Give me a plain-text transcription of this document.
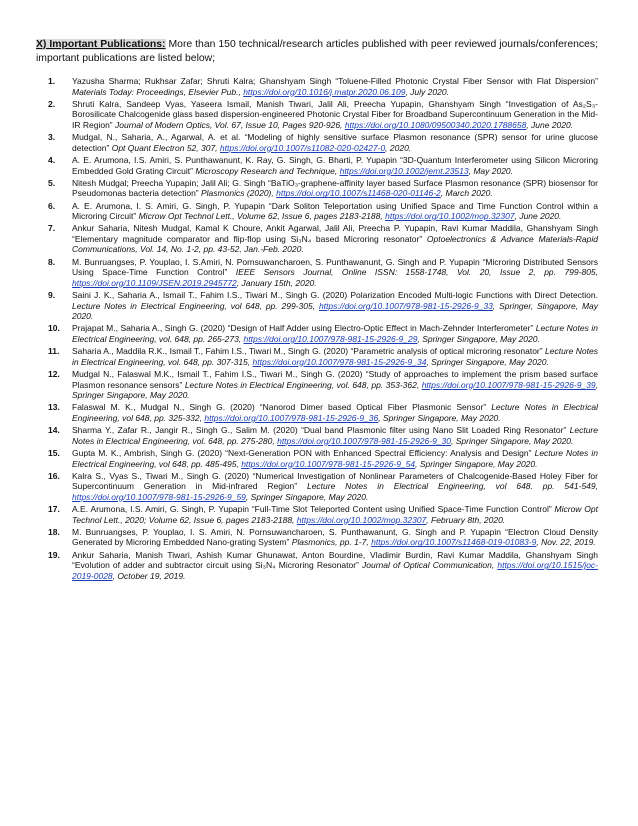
X) Important Publications: More than 150 technical/research articles published with peer reviewed journals/conferences; important publications are listed below;

1.	Yazusha Sharma; Rukhsar Zafar; Shruti Kalra; Ghanshyam Singh “Toluene-Filled Photonic Crystal Fiber Sensor with Flat Dispersion” Materials Today: Proceedings, Elsevier Pub., https://doi.org/10.1016/j.matpr.2020.06.109, July 2020.
2.	Shruti Kalra, Sandeep Vyas, Yaseera Ismail, Manish Tiwari, Jalil Ali, Preecha Yupapin, Ghanshyam Singh “Investigation of As₂S₃-Borosilicate Chalcogenide glass based dispersion-engineered Photonic Crystal Fiber for Broadband Supercontinuum Generation in the Mid-IR Region” Journal of Modern Optics, Vol. 67, Issue 10, Pages 920-926, https://doi.org/10.1080/09500340.2020.1788658, June 2020.
3.	Mudgal, N., Saharia, A., Agarwal, A. et al. “Modeling of highly sensitive surface Plasmon resonance (SPR) sensor for urine glucose detection” Opt Quant Electron 52, 307, https://doi.org/10.1007/s11082-020-02427-0, 2020.
4.	A. E. Arumona, I.S. Amiri, S. Punthawanunt, K. Ray, G. Singh, G. Bharti, P. Yupapin “3D-Quantum Interferometer using Silicon Microring Embedded Gold Grating Circuit” Microscopy Research and Technique, https://doi.org/10.1002/jemt.23513, May 2020.
5.	Nitesh Mudgal; Preecha Yupapin; Jalil Ali; G. Singh “BaTiO₃-graphene-affinity layer based Surface Plasmon resonance (SPR) biosensor for Pseudomonas bacteria detection” Plasmonics (2020), https://doi.org/10.1007/s11468-020-01146-2, March 2020.
6.	A. E. Arumona, I. S. Amiri, G. Singh, P. Yupapin “Dark Soliton Teleportation using Unified Space and Time Function Control within a Microring Circuit” Microw Opt Technol Lett., Volume 62, Issue 6, pages 2183-2188, https://doi.org/10.1002/mop.32307, June 2020.
7.	Ankur Saharia, Nitesh Mudgal, Kamal K Choure, Ankit Agarwal, Jalil Ali, Preecha P. Yupapin, Ravi Kumar Maddila, Ghanshyam Singh “Elementary magnitude comparator and flip-flop using Si₃N₄ based Microring resonator” Optoelectronics & Advance Materials-Rapid Communications, Vol. 14, No. 1-2, pp. 43-52, Jan.-Feb. 2020.
8.	M. Bunruangses, P. Youplao, I. S.Amiri, N. Pornsuwancharoen, S. Punthawanunt, G. Singh and P. Yupapin “Microring Distributed Sensors Using Space-Time Function Control” IEEE Sensors Journal, Online ISSN: 1558-1748, Vol. 20, Issue 2, pp. 799-805, https://doi.org/10.1109/JSEN.2019.2945772, January 15th, 2020.
9.	Saini J. K., Saharia A., Ismail T., Fahim I.S., Tiwari M., Singh G. (2020) Polarization Encoded Multi-logic Functions with Direct Detection. Lecture Notes in Electrical Engineering, vol 648, pp. 299-305, https://doi.org/10.1007/978-981-15-2926-9_33, Springer, Singapore, May 2020.
10.	Prajapat M., Saharia A., Singh G. (2020) “Design of Half Adder using Electro-Optic Effect in Mach-Zehnder Interferometer” Lecture Notes in Electrical Engineering, vol. 648, pp. 265-273, https://doi.org/10.1007/978-981-15-2926-9_29, Springer Singapore, May 2020.
11.	Saharia A., Maddila R.K., Ismail T., Fahim I.S., Tiwari M., Singh G. (2020) “Parametric analysis of optical microring resonator” Lecture Notes in Electrical Engineering, vol. 648, pp. 307-315, https://doi.org/10.1007/978-981-15-2926-9_34, Springer Singapore, May 2020.
12.	Mudgal N., Falaswal M.K., Ismail T., Fahim I.S., Tiwari M., Singh G. (2020) “Study of approaches to implement the prism based surface Plasmon resonance sensors” Lecture Notes in Electrical Engineering, vol. 648, pp. 353-362, https://doi.org/10.1007/978-981-15-2926-9_39, Springer Singapore, May 2020.
13.	Falaswal M. K., Mudgal N., Singh G. (2020) “Nanorod Dimer based Optical Fiber Plasmonic Sensor” Lecture Notes in Electrical Engineering, vol 648, pp. 325-332, https://doi.org/10.1007/978-981-15-2926-9_36, Springer Singapore, May 2020.
14.	Sharma Y., Zafar R., Jangir R., Singh G., Salim M. (2020) “Dual band Plasmonic filter using Nano Slit Loaded Ring Resonator” Lecture Notes in Electrical Engineering, vol. 648, pp. 275-280, https://doi.org/10.1007/978-981-15-2926-9_30, Springer Singapore, May 2020.
15.	Gupta M. K., Ambrish, Singh G. (2020) “Next-Generation PON with Enhanced Spectral Efficiency: Analysis and Design” Lecture Notes in Electrical Engineering, vol 648, pp. 485-495, https://doi.org/10.1007/978-981-15-2926-9_54, Springer Singapore, May 2020.
16.	Kalra S., Vyas S., Tiwari M., Singh G. (2020) “Numerical Investigation of Nonlinear Parameters of Chalcogenide-Based Holey Fiber for Supercontinuum Generation in Mid-infrared Region” Lecture Notes in Electrical Engineering, vol 648. pp. 541-549, https://doi.org/10.1007/978-981-15-2926-9_59, Springer Singapore, May 2020.
17.	A.E. Arumona, I.S. Amiri, G. Singh, P. Yupapin “Full-Time Slot Teleported Content using Unified Space-Time Function Control” Microw Opt Technol Lett., 2020; Volume 62, Issue 6, pages 2183-2188, https://doi.org/10.1002/mop.32307, February 8th, 2020.
18.	M. Bunruangses, P. Youplao, I. S. Amiri, N. Pornsuwancharoen, S. Punthawanunt, G. Singh and P. Yupapin “Electron Cloud Density Generated by Microring Embedded Nano-grating System” Plasmonics, pp. 1-7, https://doi.org/10.1007/s11468-019-01083-9, Nov. 22, 2019.
19.	Ankur Saharia, Manish Tiwari, Ashish Kumar Ghunawat, Anton Bourdine, Vladimir Burdin, Ravi Kumar Maddila, Ghanshyam Singh “Evolution of adder and subtractor circuit using Si₃N₄ Microring Resonator” Journal of Optical Communication, https://doi.org/10.1515/joc-2019-0028, October 19, 2019.
